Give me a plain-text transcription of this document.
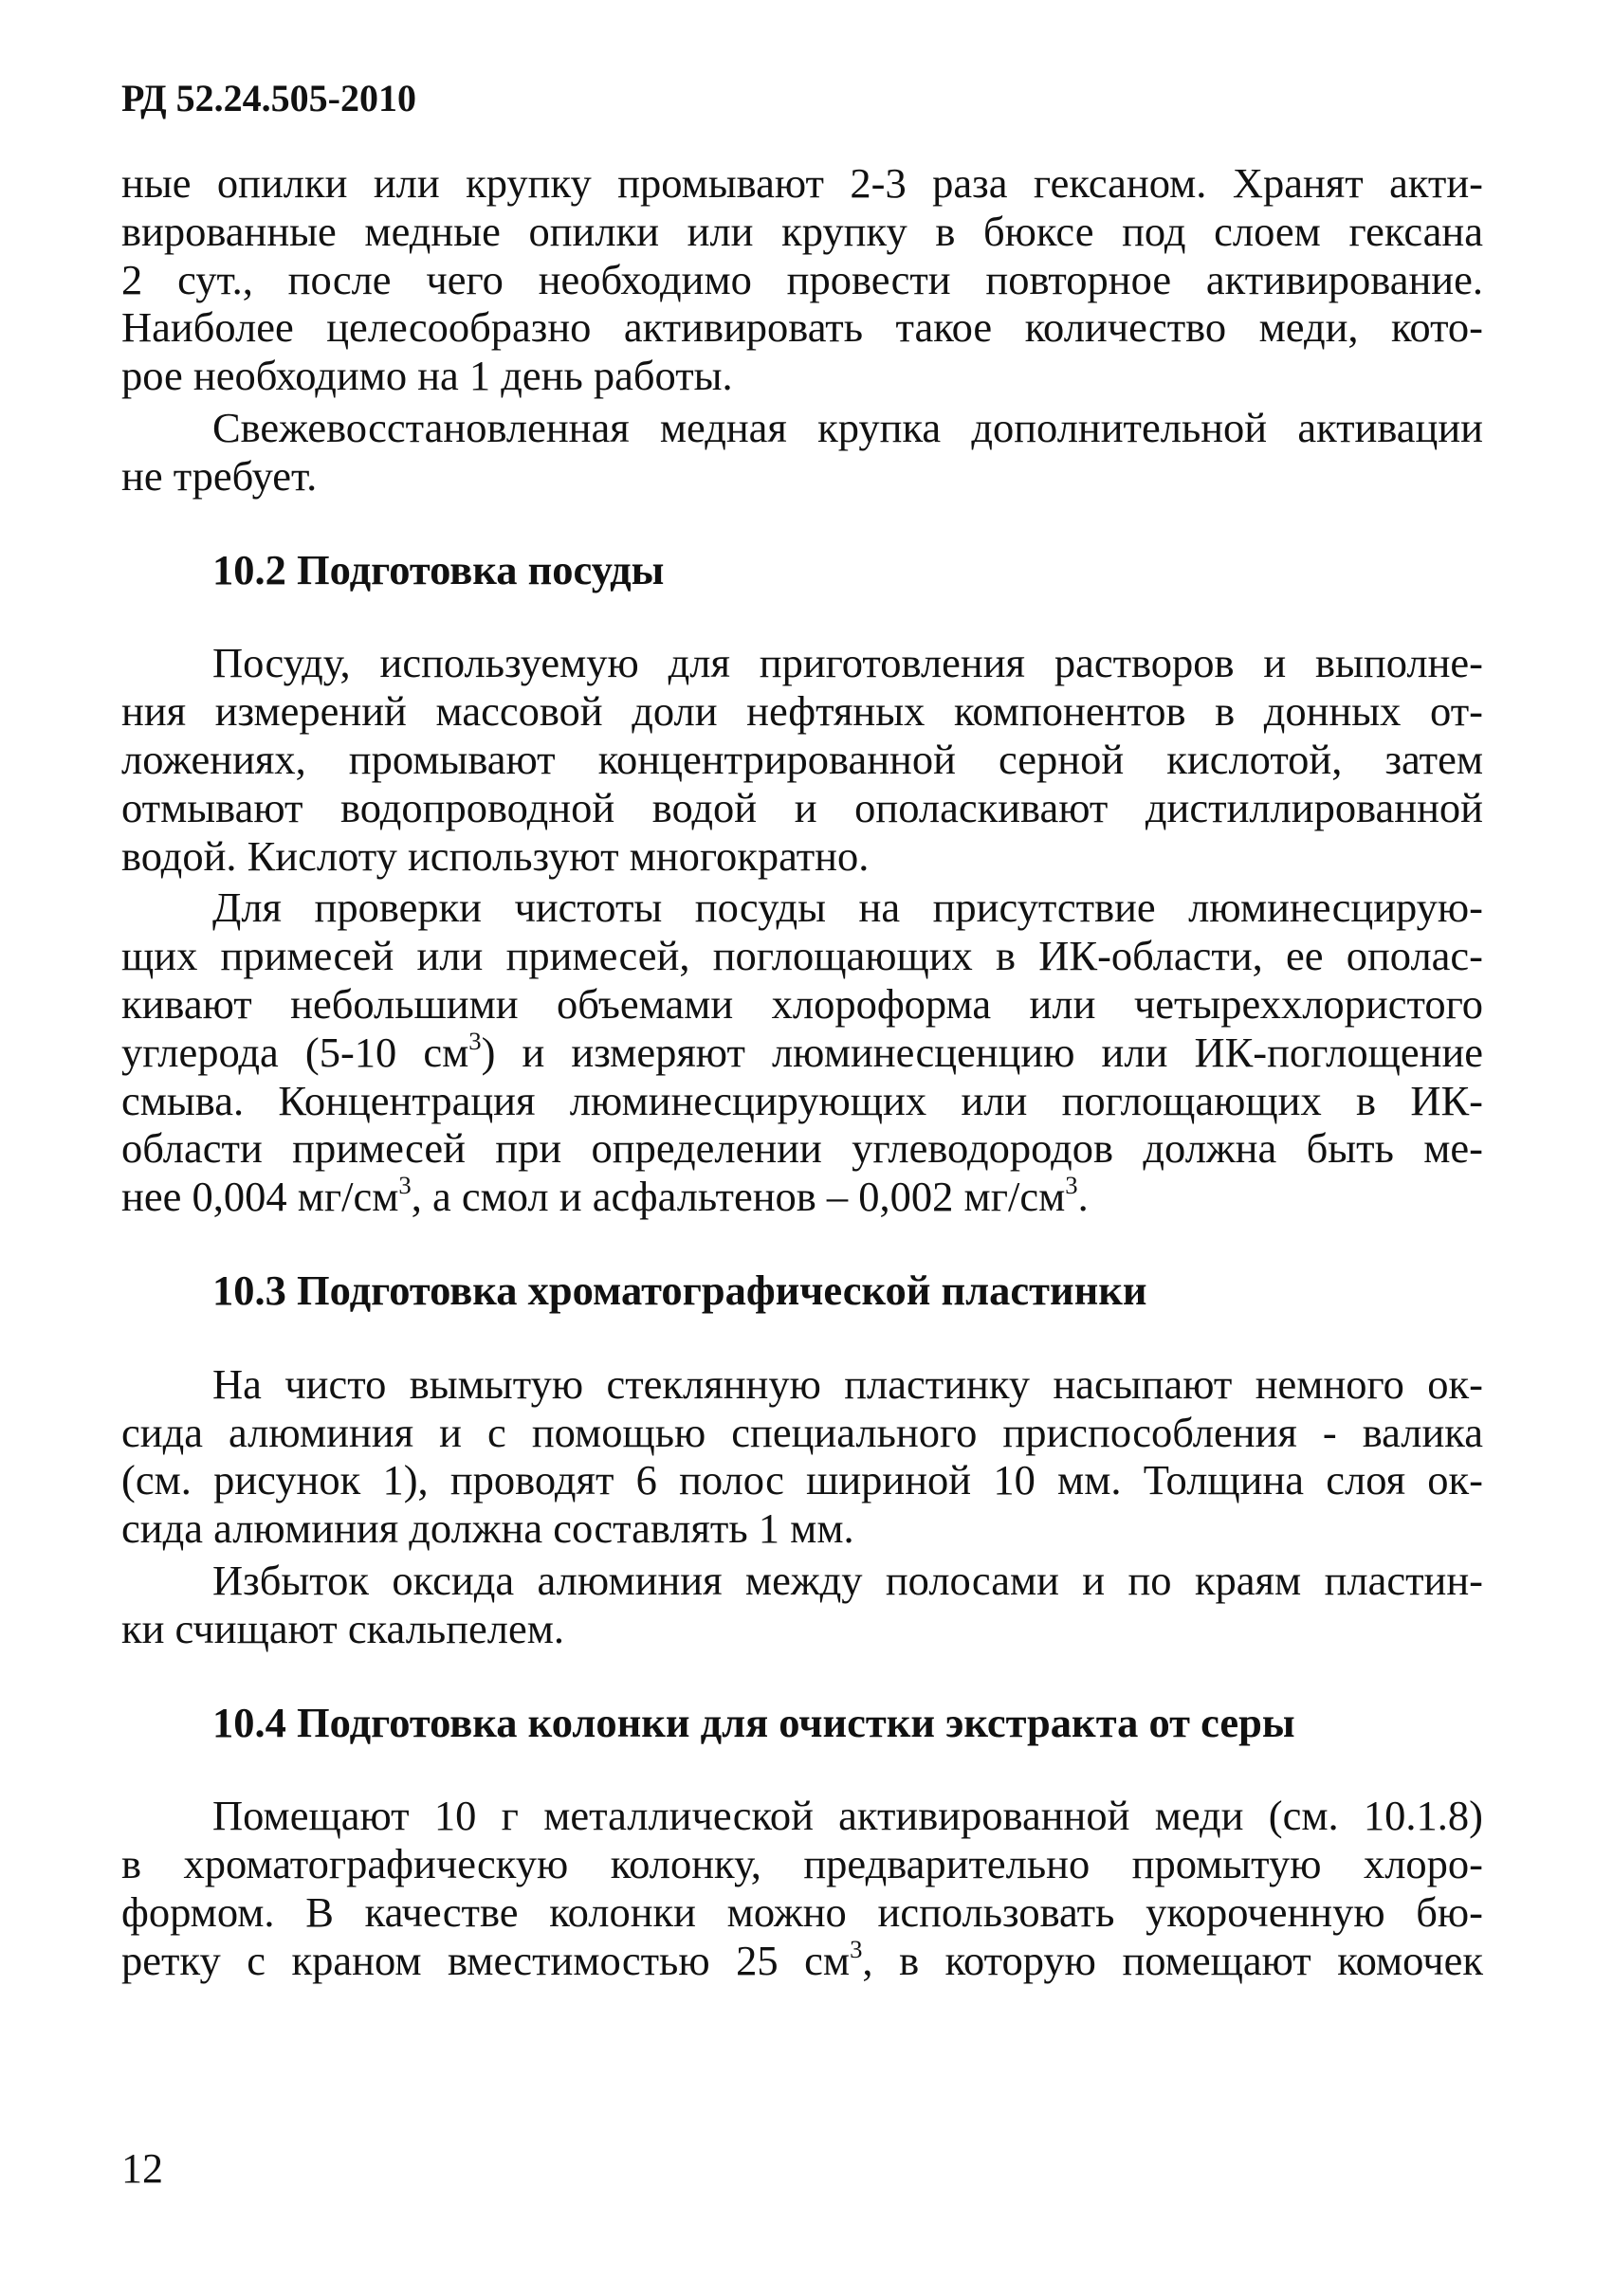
РД 52.24.505-2010
ные опилки или крупку промывают 2-3 раза гексаном. Хранят акти-
вированные медные опилки или крупку в бюксе под слоем гексана
2 сут., после чего необходимо провести повторное активирование.
Наиболее целесообразно активировать такое количество меди, кото-
рое необходимо на 1 день работы.
Свежевосстановленная медная крупка дополнительной активации
не требует.
10.2 Подготовка посуды
Посуду, используемую для приготовления растворов и выполне-
ния измерений массовой доли нефтяных компонентов в донных от-
ложениях, промывают концентрированной серной кислотой, затем
отмывают водопроводной водой и ополаскивают дистиллированной
водой. Кислоту используют многократно.
Для проверки чистоты посуды на присутствие люминесцирую-
щих примесей или примесей, поглощающих в ИК-области, ее ополас-
кивают небольшими объемами хлороформа или четыреххлористого
углерода (5-10 $см^3$) и измеряют люминесценцию или ИК-поглощение
смыва. Концентрация люминесцирующих или поглощающих в ИК-
области примесей при определении углеводородов должна быть ме-
нее 0,004 $мг/см^3$, а смол и асфальтенов – 0,002 $мг/см^3$.
10.3 Подготовка хроматографической пластинки
На чисто вымытую стеклянную пластинку насыпают немного ок-
сида алюминия и с помощью специального приспособления - валика
(см. рисунок 1), проводят 6 полос шириной 10 мм. Толщина слоя ок-
сида алюминия должна составлять 1 мм.
Избыток оксида алюминия между полосами и по краям пластин-
ки счищают скальпелем.
10.4 Подготовка колонки для очистки экстракта от серы
Помещают 10 г металлической активированной меди (см. 10.1.8)
в хроматографическую колонку, предварительно промытую хлоро-
формом. В качестве колонки можно использовать укороченную бю-
ретку с краном вместимостью 25 $см^3$, в которую помещают комочек
12
